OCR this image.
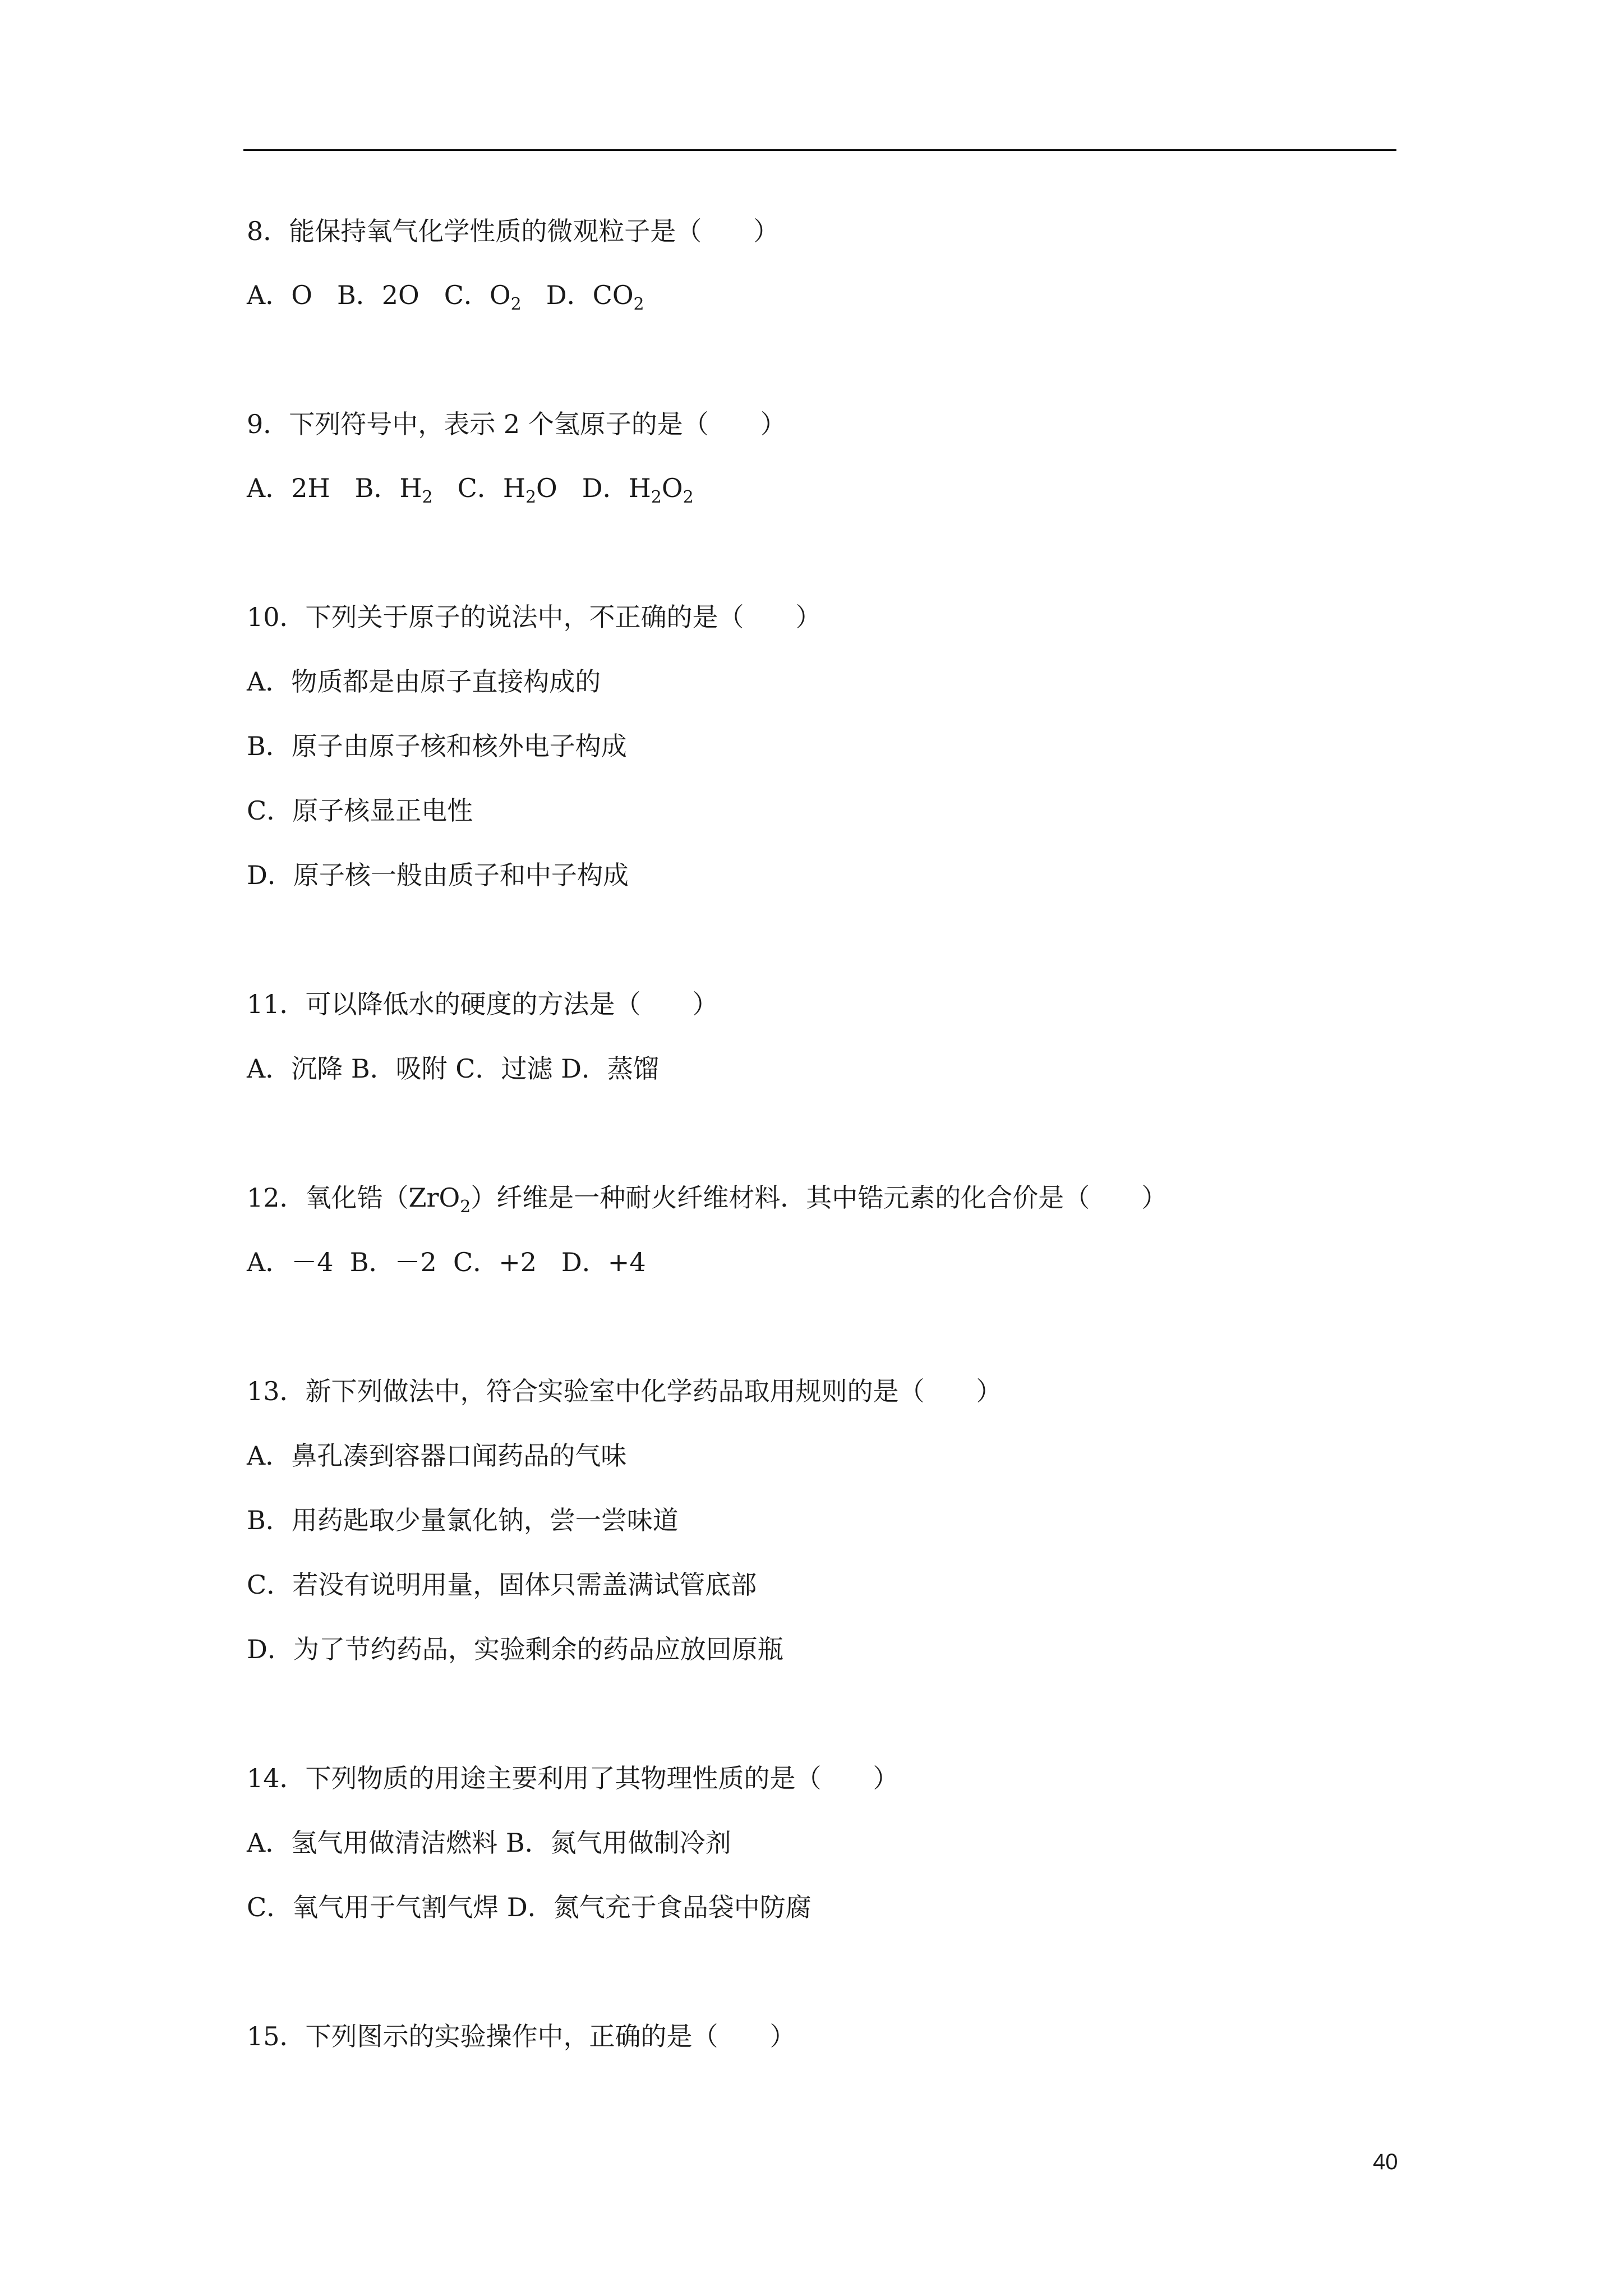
8．能保持氧气化学性质的微观粒子是（　　）
A．O B．2O C．$O_2$ D．$CO_2$
9．下列符号中，表示 2 个氢原子的是（　　）
A．2H B．$H_2$ C．$H_2O$ D．$H_2O_2$
10．下列关于原子的说法中，不正确的是（　　）
A．物质都是由原子直接构成的
B．原子由原子核和核外电子构成
C．原子核显正电性
D．原子核一般由质子和中子构成
11．可以降低水的硬度的方法是（　　）
A．沉降 B．吸附 C．过滤 D．蒸馏
12．氧化锆（ZrO$_2$）纤维是一种耐火纤维材料．其中锆元素的化合价是（　　）
A．－4  B．－2  C．+2   D．+4
13．新下列做法中，符合实验室中化学药品取用规则的是（　　）
A．鼻孔凑到容器口闻药品的气味
B．用药匙取少量氯化钠，尝一尝味道
C．若没有说明用量，固体只需盖满试管底部
D．为了节约药品，实验剩余的药品应放回原瓶
14．下列物质的用途主要利用了其物理性质的是（　　）
A．氢气用做清洁燃料 B．氮气用做制冷剂
C．氧气用于气割气焊 D．氮气充于食品袋中防腐
15．下列图示的实验操作中，正确的是（　　）
40
